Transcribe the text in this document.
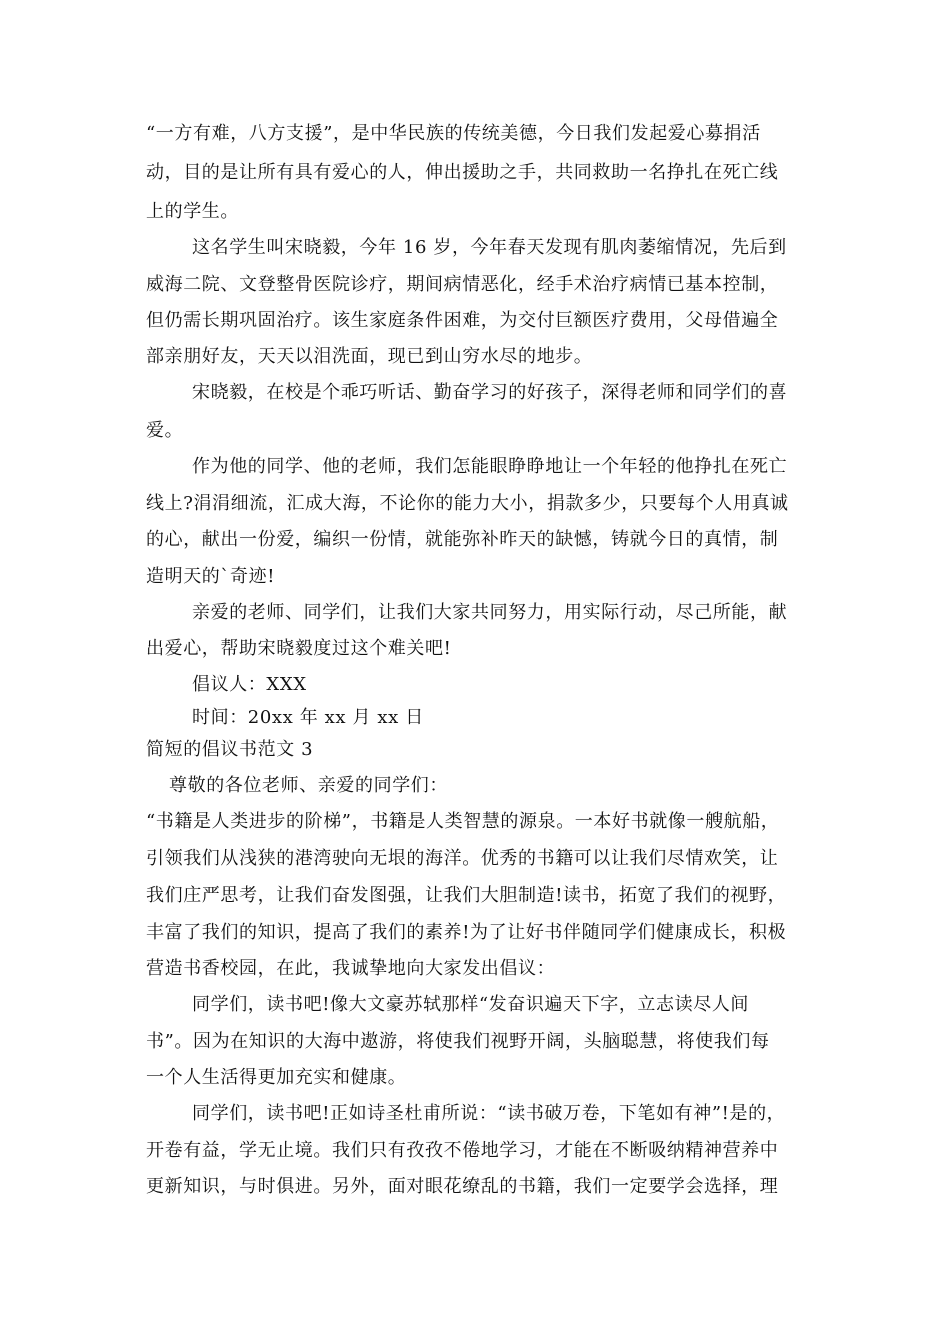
“一方有难，八方支援”，是中华民族的传统美德，今日我们发起爱心募捐活
动，目的是让所有具有爱心的人，伸出援助之手，共同救助一名挣扎在死亡线
上的学生。
这名学生叫宋晓毅，今年 16 岁，今年春天发现有肌肉萎缩情况，先后到
威海二院、文登整骨医院诊疗，期间病情恶化，经手术治疗病情已基本控制，
但仍需长期巩固治疗。该生家庭条件困难，为交付巨额医疗费用，父母借遍全
部亲朋好友，天天以泪洗面，现已到山穷水尽的地步。
宋晓毅，在校是个乖巧听话、勤奋学习的好孩子，深得老师和同学们的喜
爱。
作为他的同学、他的老师，我们怎能眼睁睁地让一个年轻的他挣扎在死亡
线上?涓涓细流，汇成大海，不论你的能力大小，捐款多少，只要每个人用真诚
的心，献出一份爱，编织一份情，就能弥补昨天的缺憾，铸就今日的真情，制
造明天的`奇迹!
亲爱的老师、同学们，让我们大家共同努力，用实际行动，尽己所能，献
出爱心，帮助宋晓毅度过这个难关吧!
倡议人：XXX
时间：20xx 年 xx 月 xx 日
简短的倡议书范文 3
尊敬的各位老师、亲爱的同学们：
“书籍是人类进步的阶梯”，书籍是人类智慧的源泉。一本好书就像一艘航船，
引领我们从浅狭的港湾驶向无垠的海洋。优秀的书籍可以让我们尽情欢笑，让
我们庄严思考，让我们奋发图强，让我们大胆制造!读书，拓宽了我们的视野，
丰富了我们的知识，提高了我们的素养!为了让好书伴随同学们健康成长，积极
营造书香校园，在此，我诚挚地向大家发出倡议：
同学们，读书吧!像大文豪苏轼那样“发奋识遍天下字，立志读尽人间
书”。因为在知识的大海中遨游，将使我们视野开阔，头脑聪慧，将使我们每
一个人生活得更加充实和健康。
同学们，读书吧!正如诗圣杜甫所说：“读书破万卷，下笔如有神”!是的，
开卷有益，学无止境。我们只有孜孜不倦地学习，才能在不断吸纳精神营养中
更新知识，与时俱进。另外，面对眼花缭乱的书籍，我们一定要学会选择，理
